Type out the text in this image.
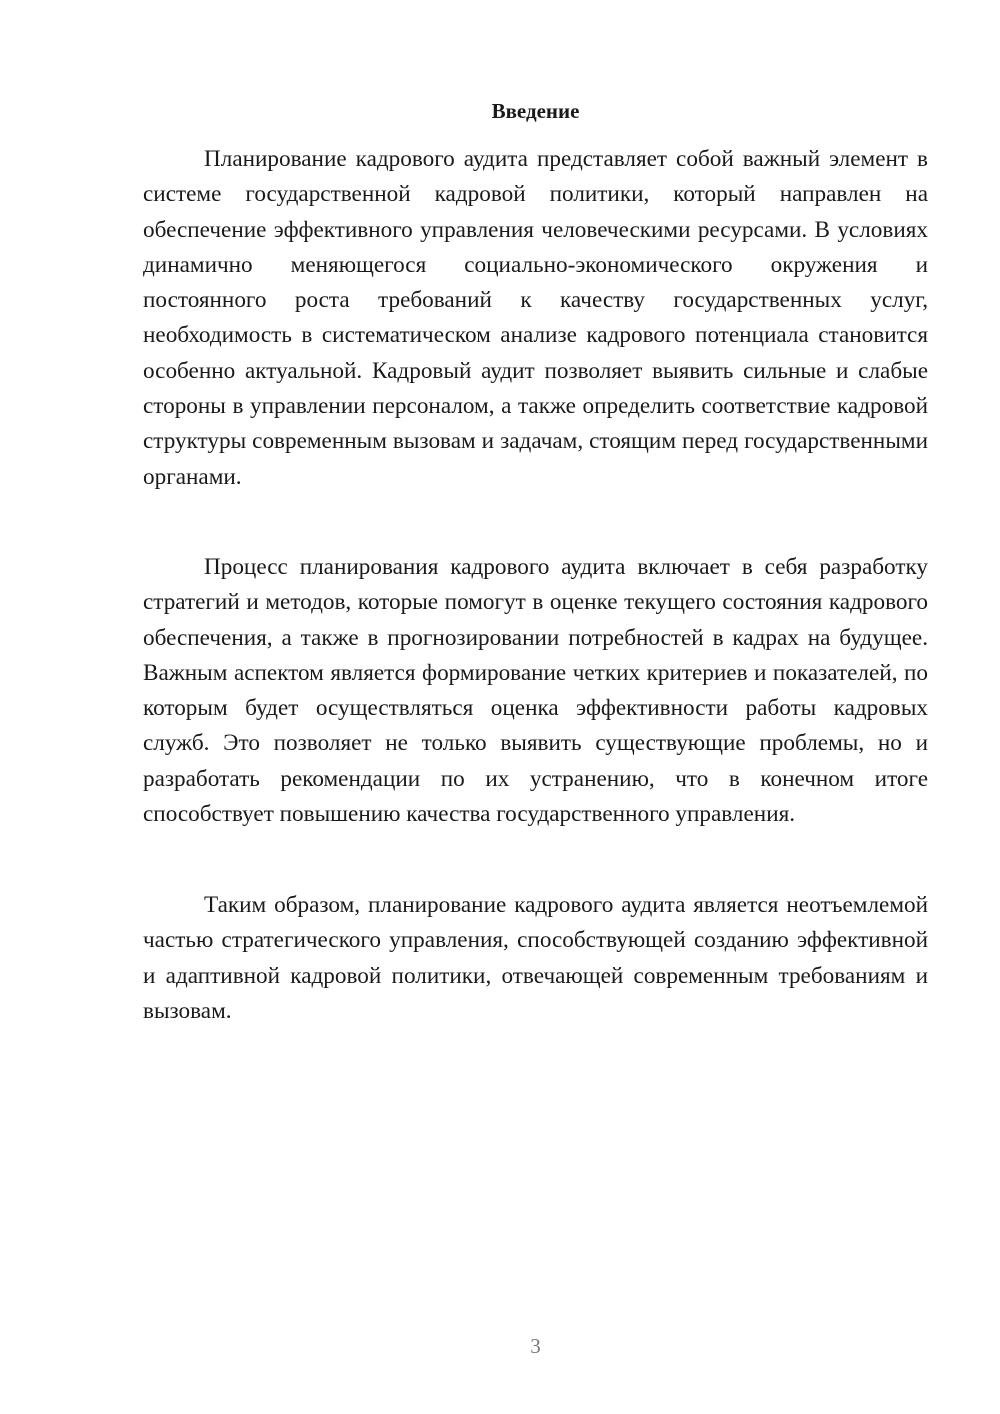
Введение

Планирование кадрового аудита представляет собой важный элемент в системе государственной кадровой политики, который направлен на обеспечение эффективного управления человеческими ресурсами. В условиях динамично меняющегося социально-экономического окружения и постоянного роста требований к качеству государственных услуг, необходимость в систематическом анализе кадрового потенциала становится особенно актуальной. Кадровый аудит позволяет выявить сильные и слабые стороны в управлении персоналом, а также определить соответствие кадровой структуры современным вызовам и задачам, стоящим перед государственными органами.

Процесс планирования кадрового аудита включает в себя разработку стратегий и методов, которые помогут в оценке текущего состояния кадрового обеспечения, а также в прогнозировании потребностей в кадрах на будущее. Важным аспектом является формирование четких критериев и показателей, по которым будет осуществляться оценка эффективности работы кадровых служб. Это позволяет не только выявить существующие проблемы, но и разработать рекомендации по их устранению, что в конечном итоге способствует повышению качества государственного управления.

Таким образом, планирование кадрового аудита является неотъемлемой частью стратегического управления, способствующей созданию эффективной и адаптивной кадровой политики, отвечающей современным требованиям и вызовам.

3
